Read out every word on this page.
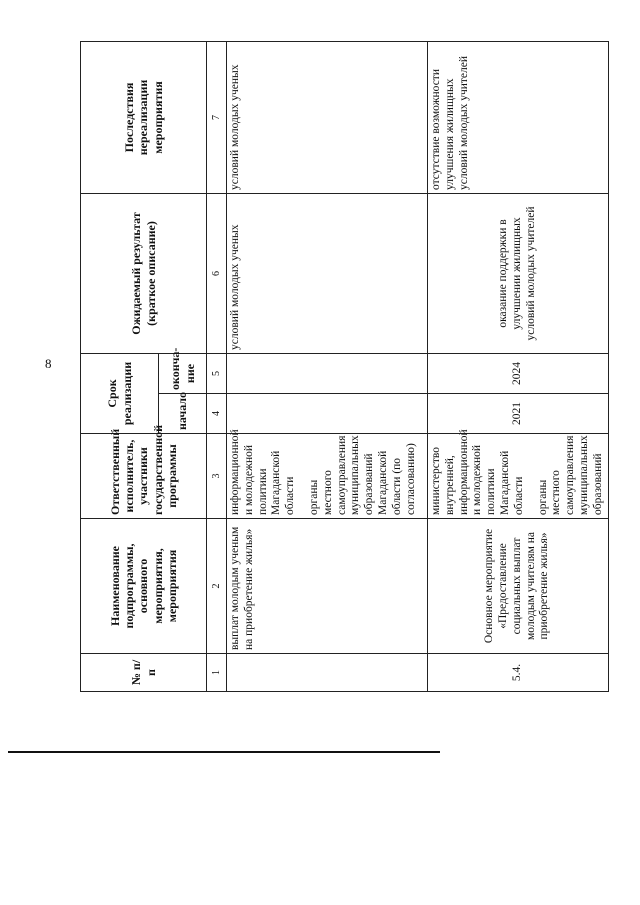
8
№ п/п	Наименование подпрограммы, основного мероприятия, мероприятия	Ответственный исполнитель, участники государственной программы	Срок реализации		Ожидаемый результат (краткое описание)	Последствия нереализации мероприятия
			начало	оконча-ние		
1	2	3	4	5	6	7
	выплат молодым ученым на приобретение жилья»	информационной и молодежной политики Магаданской области органы местного самоуправления муниципальных образований Магаданской области (по согласованию)			условий молодых ученых	условий молодых ученых
5.4.	Основное мероприятие «Предоставление социальных выплат молодым учителям на приобретение жилья»	министерство внутренней, информационной и молодежной политики Магаданской области органы местного самоуправления муниципальных образований	2021	2024	оказание поддержки в улучшении жилищных условий молодых учителей	отсутствие возможности улучшения жилищных условий молодых учителей
